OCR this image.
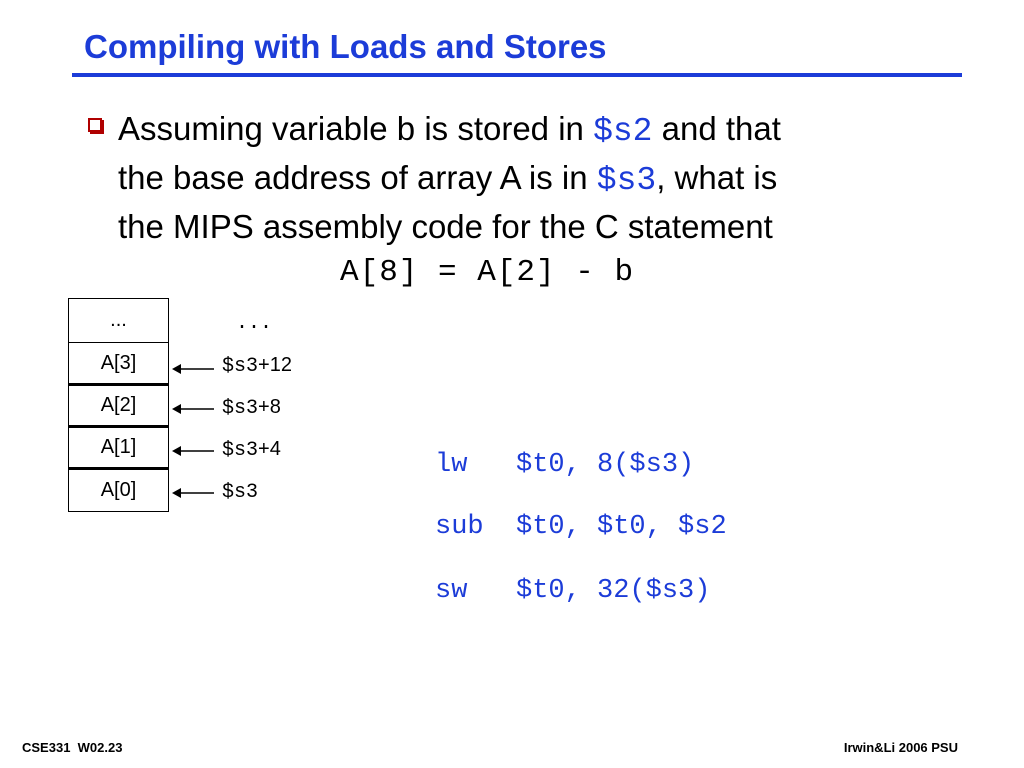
Compiling with Loads and Stores
Assuming variable b is stored in $s2 and that
the base address of array A is in $s3, what is
the MIPS assembly code for the C statement
A[8] = A[2] - b
...
A[3]
A[2]
A[1]
A[0]
...
$s3+12
$s3+8
$s3+4
$s3
lw   $t0, 8($s3)
sub  $t0, $t0, $s2
sw   $t0, 32($s3)
CSE331  W02.23	Irwin&Li 2006 PSU
